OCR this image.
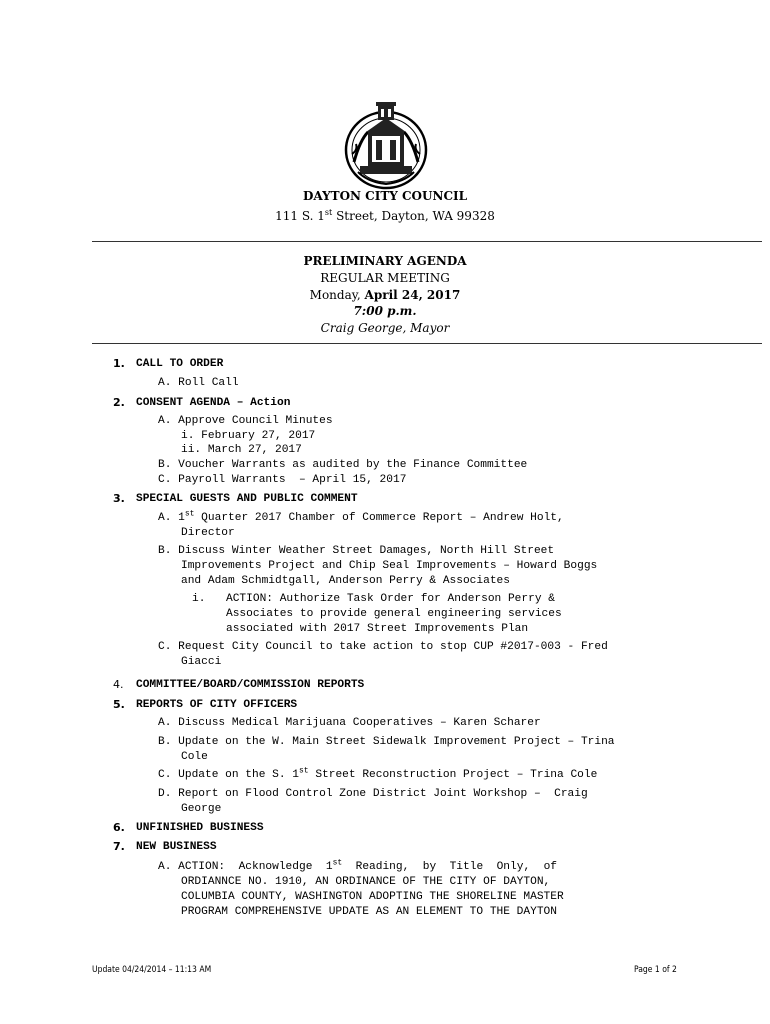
DAYTON CITY COUNCIL
111 S. 1st Street, Dayton, WA 99328
PRELIMINARY AGENDA
REGULAR MEETING
Monday, April 24, 2017
7:00 p.m.
Craig George, Mayor
1. CALL TO ORDER
A. Roll Call
2. CONSENT AGENDA – Action
A. Approve Council Minutes
i. February 27, 2017
ii. March 27, 2017
B. Voucher Warrants as audited by the Finance Committee
C. Payroll Warrants  – April 15, 2017
3. SPECIAL GUESTS AND PUBLIC COMMENT
A. 1st Quarter 2017 Chamber of Commerce Report – Andrew Holt,
Director
B. Discuss Winter Weather Street Damages, North Hill Street
Improvements Project and Chip Seal Improvements – Howard Boggs
and Adam Schmidtgall, Anderson Perry & Associates
i. ACTION: Authorize Task Order for Anderson Perry &
Associates to provide general engineering services
associated with 2017 Street Improvements Plan
C. Request City Council to take action to stop CUP #2017-003 - Fred
Giacci
4. COMMITTEE/BOARD/COMMISSION REPORTS
5. REPORTS OF CITY OFFICERS
A. Discuss Medical Marijuana Cooperatives – Karen Scharer
B. Update on the W. Main Street Sidewalk Improvement Project – Trina
Cole
C. Update on the S. 1st Street Reconstruction Project – Trina Cole
D. Report on Flood Control Zone District Joint Workshop –  Craig
George
6. UNFINISHED BUSINESS
7. NEW BUSINESS
A. ACTION:  Acknowledge  1st  Reading,  by  Title  Only,  of
ORDIANNCE NO. 1910, AN ORDINANCE OF THE CITY OF DAYTON,
COLUMBIA COUNTY, WASHINGTON ADOPTING THE SHORELINE MASTER
PROGRAM COMPREHENSIVE UPDATE AS AN ELEMENT TO THE DAYTON
Update 04/24/2014 – 11:13 AM	Page 1 of 2
